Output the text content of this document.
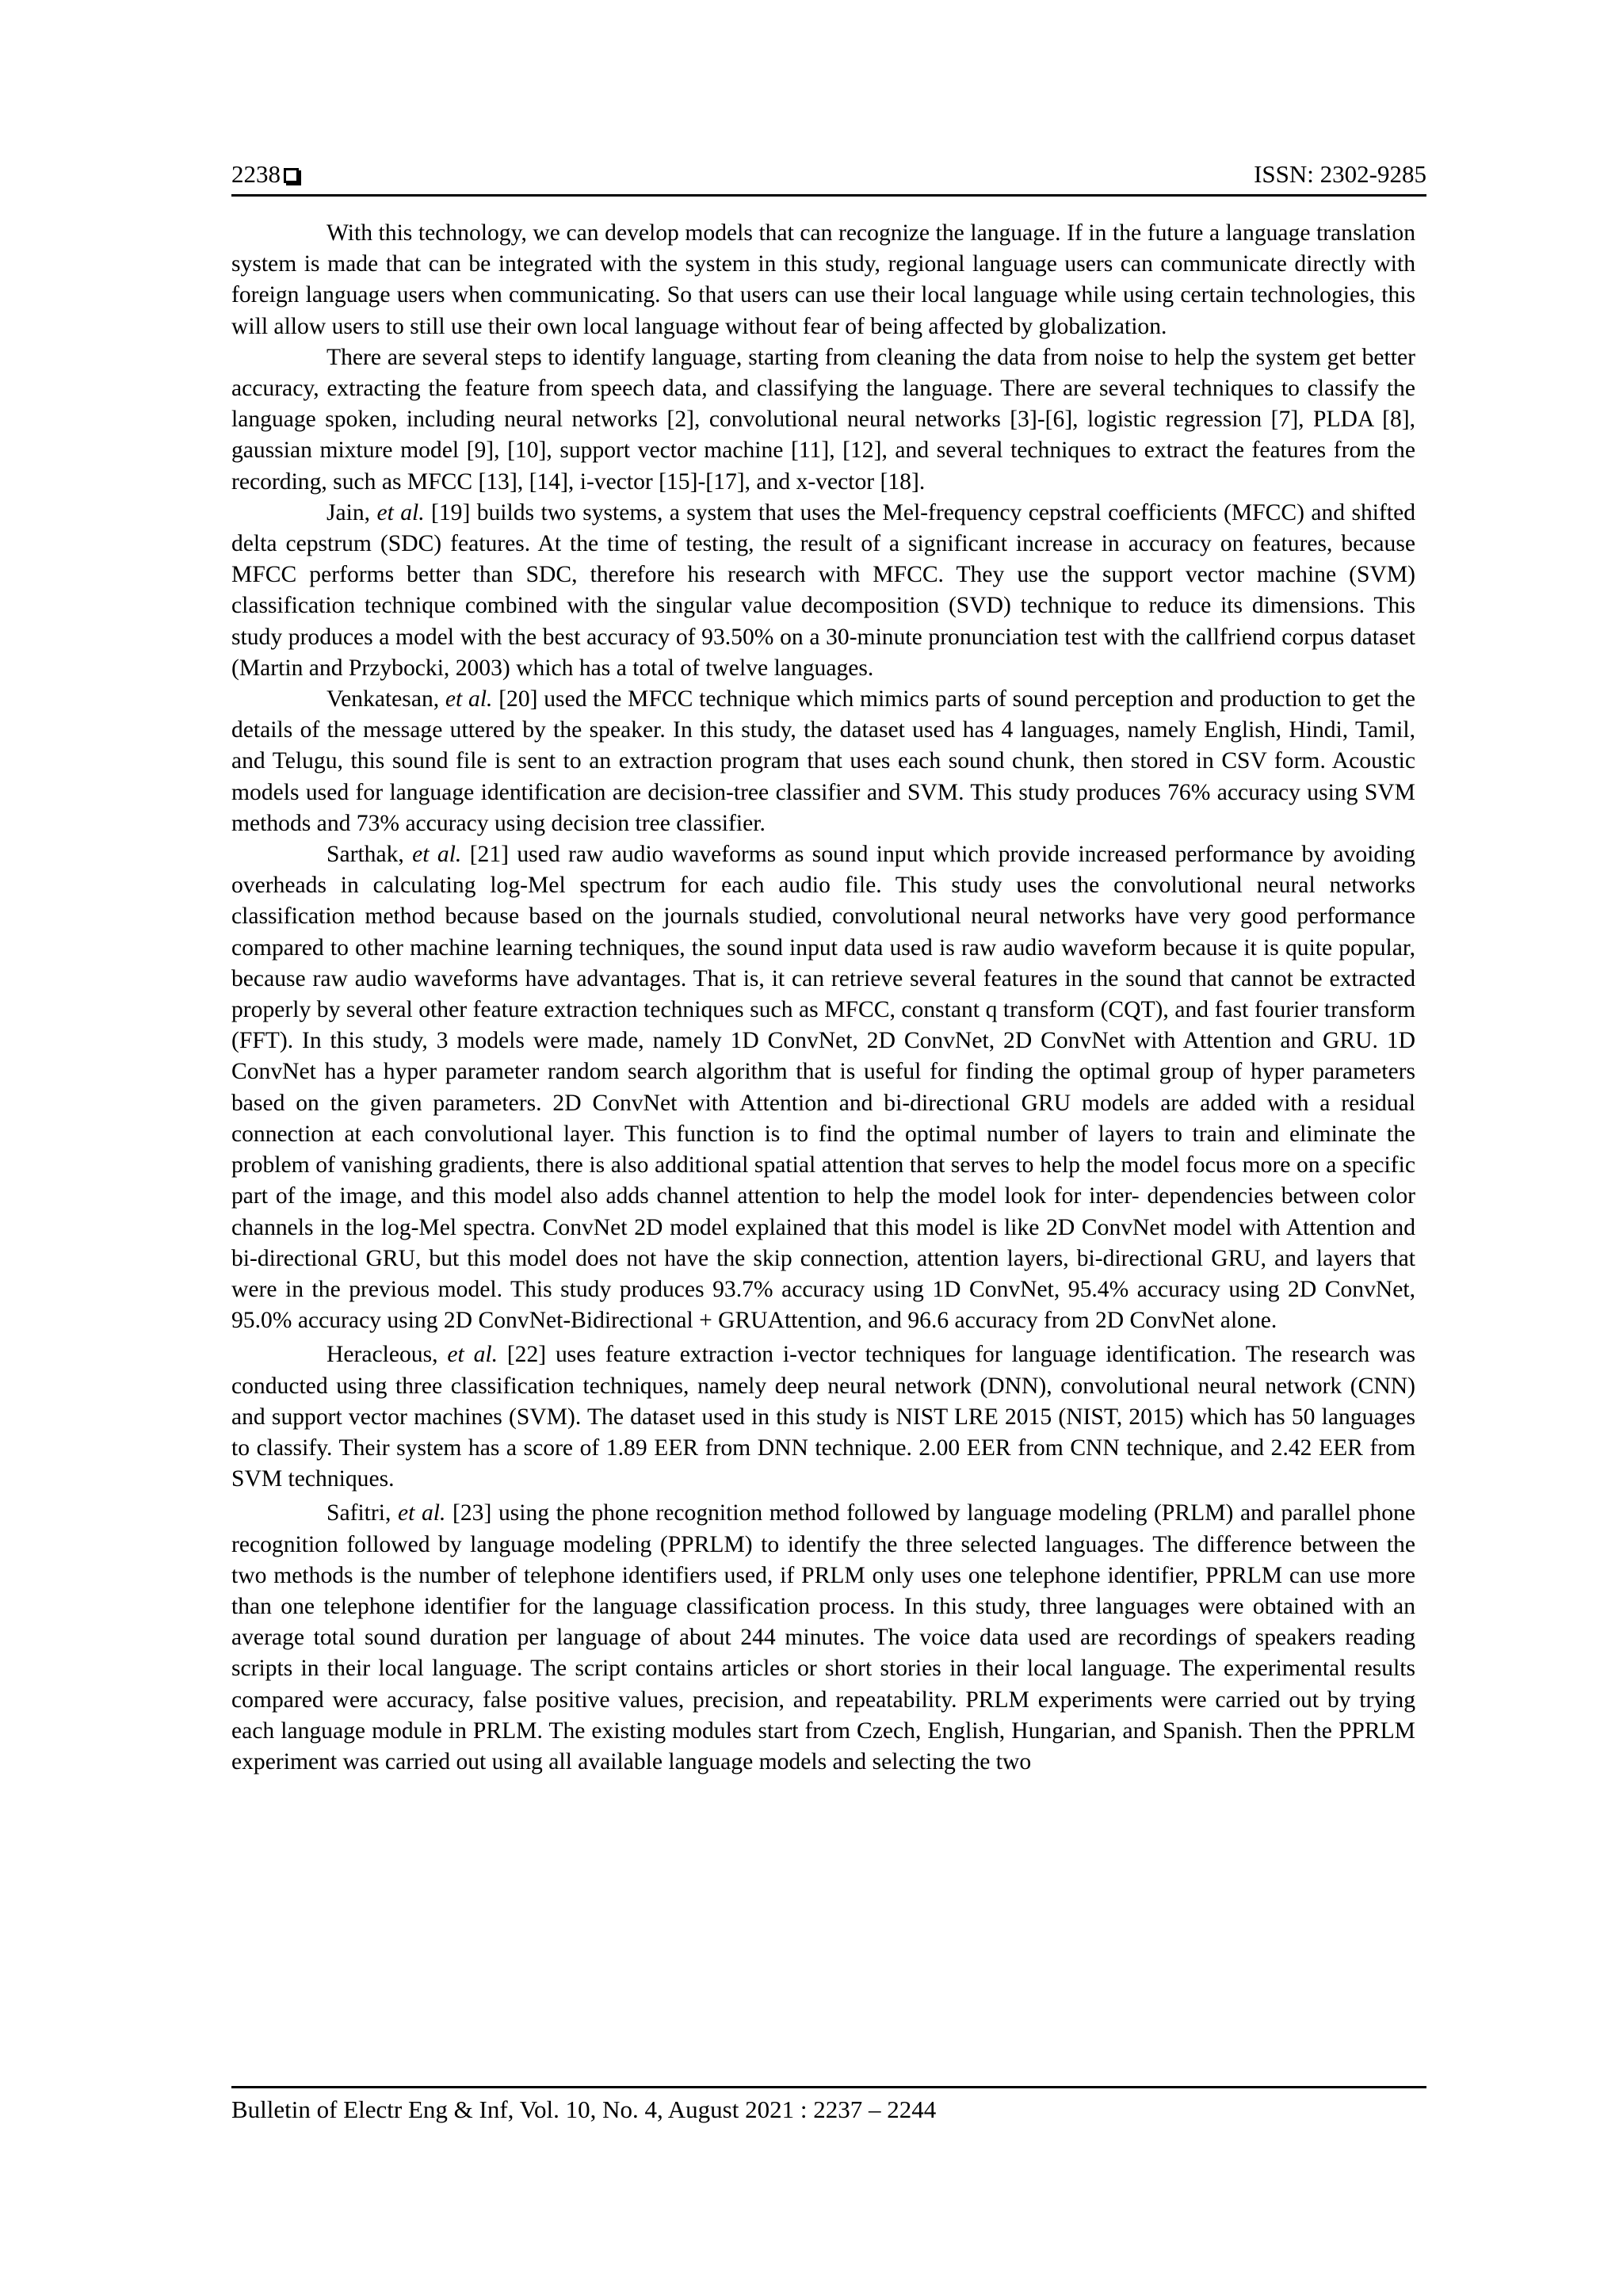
2238	ISSN: 2302-9285

With this technology, we can develop models that can recognize the language. If in the future a language translation system is made that can be integrated with the system in this study, regional language users can communicate directly with foreign language users when communicating. So that users can use their local language while using certain technologies, this will allow users to still use their own local language without fear of being affected by globalization.

There are several steps to identify language, starting from cleaning the data from noise to help the system get better accuracy, extracting the feature from speech data, and classifying the language. There are several techniques to classify the language spoken, including neural networks [2], convolutional neural networks [3]-[6], logistic regression [7], PLDA [8], gaussian mixture model [9], [10], support vector machine [11], [12], and several techniques to extract the features from the recording, such as MFCC [13], [14], i-vector [15]-[17], and x-vector [18].

Jain, et al. [19] builds two systems, a system that uses the Mel-frequency cepstral coefficients (MFCC) and shifted delta cepstrum (SDC) features. At the time of testing, the result of a significant increase in accuracy on features, because MFCC performs better than SDC, therefore his research with MFCC. They use the support vector machine (SVM) classification technique combined with the singular value decomposition (SVD) technique to reduce its dimensions. This study produces a model with the best accuracy of 93.50% on a 30-minute pronunciation test with the callfriend corpus dataset (Martin and Przybocki, 2003) which has a total of twelve languages.

Venkatesan, et al. [20] used the MFCC technique which mimics parts of sound perception and production to get the details of the message uttered by the speaker. In this study, the dataset used has 4 languages, namely English, Hindi, Tamil, and Telugu, this sound file is sent to an extraction program that uses each sound chunk, then stored in CSV form. Acoustic models used for language identification are decision-tree classifier and SVM. This study produces 76% accuracy using SVM methods and 73% accuracy using decision tree classifier.

Sarthak, et al. [21] used raw audio waveforms as sound input which provide increased performance by avoiding overheads in calculating log-Mel spectrum for each audio file. This study uses the convolutional neural networks classification method because based on the journals studied, convolutional neural networks have very good performance compared to other machine learning techniques, the sound input data used is raw audio waveform because it is quite popular, because raw audio waveforms have advantages. That is, it can retrieve several features in the sound that cannot be extracted properly by several other feature extraction techniques such as MFCC, constant q transform (CQT), and fast fourier transform (FFT). In this study, 3 models were made, namely 1D ConvNet, 2D ConvNet, 2D ConvNet with Attention and GRU. 1D ConvNet has a hyper parameter random search algorithm that is useful for finding the optimal group of hyper parameters based on the given parameters. 2D ConvNet with Attention and bi-directional GRU models are added with a residual connection at each convolutional layer. This function is to find the optimal number of layers to train and eliminate the problem of vanishing gradients, there is also additional spatial attention that serves to help the model focus more on a specific part of the image, and this model also adds channel attention to help the model look for inter- dependencies between color channels in the log-Mel spectra. ConvNet 2D model explained that this model is like 2D ConvNet model with Attention and bi-directional GRU, but this model does not have the skip connection, attention layers, bi-directional GRU, and layers that were in the previous model. This study produces 93.7% accuracy using 1D ConvNet, 95.4% accuracy using 2D ConvNet, 95.0% accuracy using 2D ConvNet-Bidirectional + GRUAttention, and 96.6 accuracy from 2D ConvNet alone.

Heracleous, et al. [22] uses feature extraction i-vector techniques for language identification. The research was conducted using three classification techniques, namely deep neural network (DNN), convolutional neural network (CNN) and support vector machines (SVM). The dataset used in this study is NIST LRE 2015 (NIST, 2015) which has 50 languages to classify. Their system has a score of 1.89 EER from DNN technique. 2.00 EER from CNN technique, and 2.42 EER from SVM techniques.

Safitri, et al. [23] using the phone recognition method followed by language modeling (PRLM) and parallel phone recognition followed by language modeling (PPRLM) to identify the three selected languages. The difference between the two methods is the number of telephone identifiers used, if PRLM only uses one telephone identifier, PPRLM can use more than one telephone identifier for the language classification process. In this study, three languages were obtained with an average total sound duration per language of about 244 minutes. The voice data used are recordings of speakers reading scripts in their local language. The script contains articles or short stories in their local language. The experimental results compared were accuracy, false positive values, precision, and repeatability. PRLM experiments were carried out by trying each language module in PRLM. The existing modules start from Czech, English, Hungarian, and Spanish. Then the PPRLM experiment was carried out using all available language models and selecting the two

Bulletin of Electr Eng & Inf, Vol. 10, No. 4, August 2021 : 2237 – 2244
